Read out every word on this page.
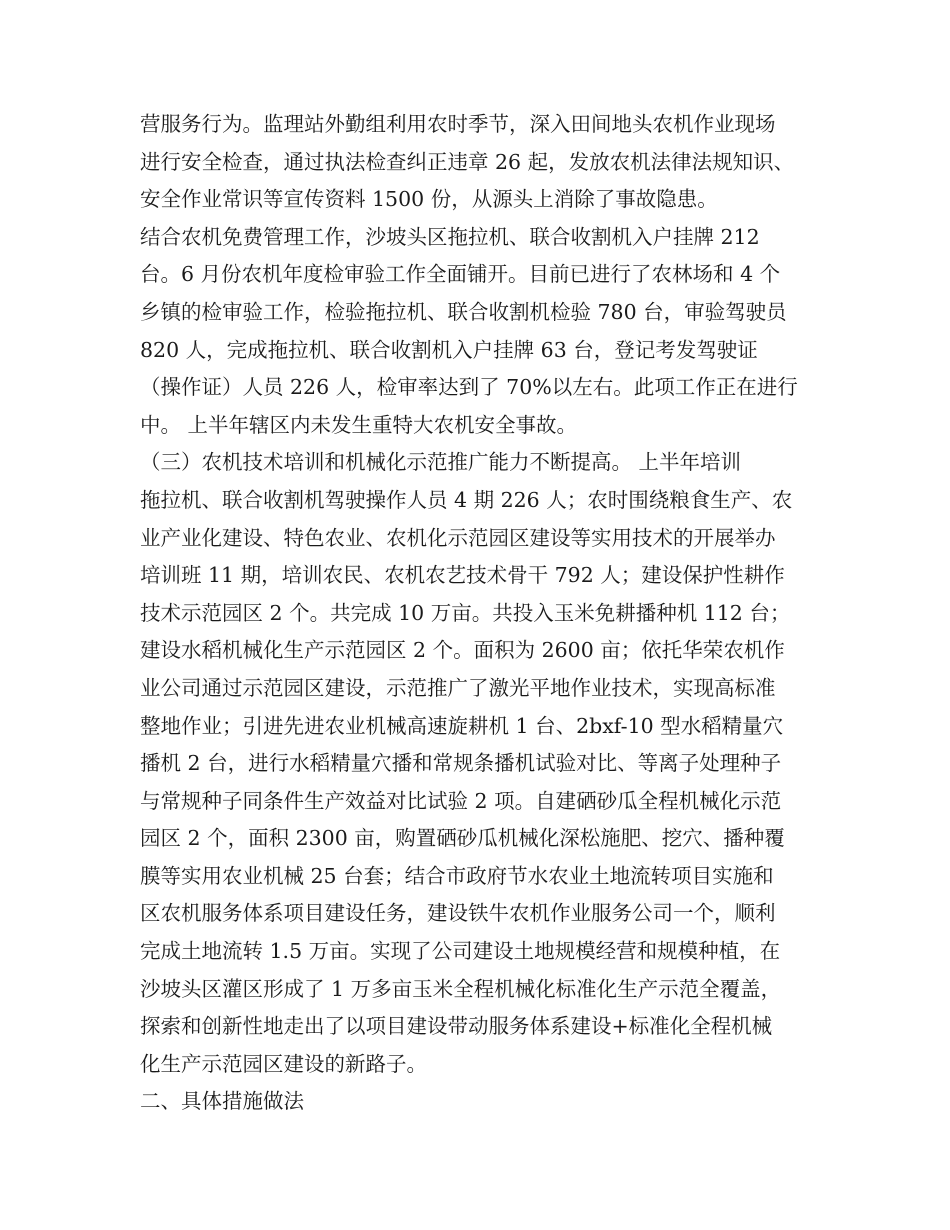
营服务行为。监理站外勤组利用农时季节，深入田间地头农机作业现场
进行安全检查，通过执法检查纠正违章 26 起，发放农机法律法规知识、
安全作业常识等宣传资料 1500 份，从源头上消除了事故隐患。
结合农机免费管理工作，沙坡头区拖拉机、联合收割机入户挂牌 212
台。6 月份农机年度检审验工作全面铺开。目前已进行了农林场和 4 个
乡镇的检审验工作，检验拖拉机、联合收割机检验 780 台，审验驾驶员
820 人，完成拖拉机、联合收割机入户挂牌 63 台，登记考发驾驶证
（操作证）人员 226 人，检审率达到了 70%以左右。此项工作正在进行
中。 上半年辖区内未发生重特大农机安全事故。
（三）农机技术培训和机械化示范推广能力不断提高。 上半年培训
拖拉机、联合收割机驾驶操作人员 4 期 226 人；农时围绕粮食生产、农
业产业化建设、特色农业、农机化示范园区建设等实用技术的开展举办
培训班 11 期，培训农民、农机农艺技术骨干 792 人；建设保护性耕作
技术示范园区 2 个。共完成 10 万亩。共投入玉米免耕播种机 112 台；
建设水稻机械化生产示范园区 2 个。面积为 2600 亩；依托华荣农机作
业公司通过示范园区建设，示范推广了激光平地作业技术，实现高标准
整地作业；引进先进农业机械高速旋耕机 1 台、2bxf-10 型水稻精量穴
播机 2 台，进行水稻精量穴播和常规条播机试验对比、等离子处理种子
与常规种子同条件生产效益对比试验 2 项。自建硒砂瓜全程机械化示范
园区 2 个，面积 2300 亩，购置硒砂瓜机械化深松施肥、挖穴、播种覆
膜等实用农业机械 25 台套；结合市政府节水农业土地流转项目实施和
区农机服务体系项目建设任务，建设铁牛农机作业服务公司一个，顺利
完成土地流转 1.5 万亩。实现了公司建设土地规模经营和规模种植，在
沙坡头区灌区形成了 1 万多亩玉米全程机械化标准化生产示范全覆盖，
探索和创新性地走出了以项目建设带动服务体系建设+标准化全程机械
化生产示范园区建设的新路子。
二、具体措施做法
